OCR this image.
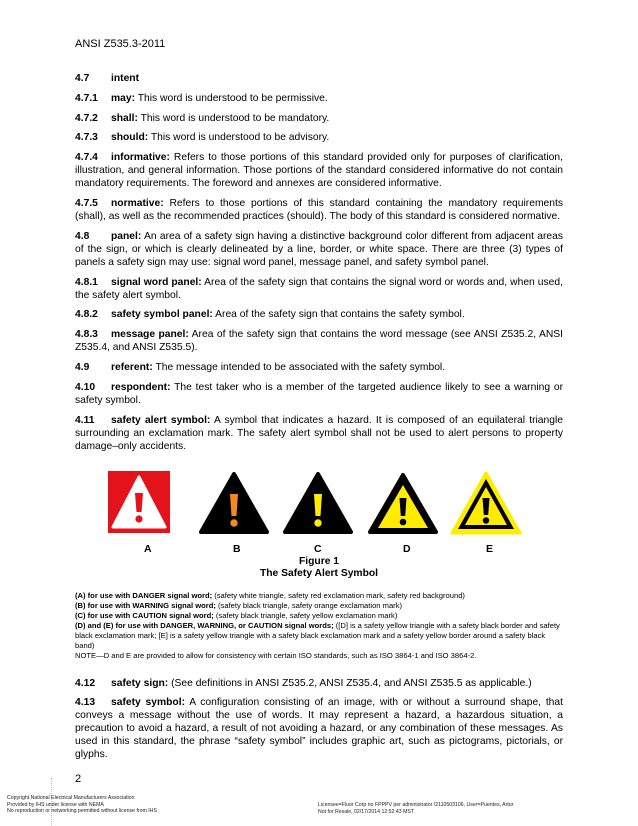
ANSI Z535.3-2011
4.7 intent
4.7.1 may: This word is understood to be permissive.
4.7.2 shall: This word is understood to be mandatory.
4.7.3 should: This word is understood to be advisory.
4.7.4 informative: Refers to those portions of this standard provided only for purposes of clarification, illustration, and general information. Those portions of the standard considered informative do not contain mandatory requirements. The foreword and annexes are considered informative.
4.7.5 normative: Refers to those portions of this standard containing the mandatory requirements (shall), as well as the recommended practices (should). The body of this standard is considered normative.
4.8 panel: An area of a safety sign having a distinctive background color different from adjacent areas of the sign, or which is clearly delineated by a line, border, or white space. There are three (3) types of panels a safety sign may use: signal word panel, message panel, and safety symbol panel.
4.8.1 signal word panel: Area of the safety sign that contains the signal word or words and, when used, the safety alert symbol.
4.8.2 safety symbol panel: Area of the safety sign that contains the safety symbol.
4.8.3 message panel: Area of the safety sign that contains the word message (see ANSI Z535.2, ANSI Z535.4, and ANSI Z535.5).
4.9 referent: The message intended to be associated with the safety symbol.
4.10 respondent: The test taker who is a member of the targeted audience likely to see a warning or safety symbol.
4.11 safety alert symbol: A symbol that indicates a hazard. It is composed of an equilateral triangle surrounding an exclamation mark. The safety alert symbol shall not be used to alert persons to property damage–only accidents.
A	B	C	D	E
Figure 1
The Safety Alert Symbol
(A) for use with DANGER signal word; (safety white triangle, safety red exclamation mark, safety red background)
(B) for use with WARNING signal word; (safety black triangle, safety orange exclamation mark)
(C) for use with CAUTION signal word; (safety black triangle, safety yellow exclamation mark)
(D) and (E) for use with DANGER, WARNING, or CAUTION signal words; ([D] is a safety yellow triangle with a safety black border and safety black exclamation mark; [E] is a safety yellow triangle with a safety black exclamation mark and a safety yellow border around a safety black band)
NOTE—D and E are provided to allow for consistency with certain ISO standards, such as ISO 3864-1 and ISO 3864-2.
4.12 safety sign: (See definitions in ANSI Z535.2, ANSI Z535.4, and ANSI Z535.5 as applicable.)
4.13 safety symbol: A configuration consisting of an image, with or without a surround shape, that conveys a message without the use of words. It may represent a hazard, a hazardous situation, a precaution to avoid a hazard, a result of not avoiding a hazard, or any combination of these messages. As used in this standard, the phrase “safety symbol” includes graphic art, such as pictograms, pictorials, or glyphs.
2
Copyright National Electrical Manufacturers Association
Provided by IHS under license with NEMA
No reproduction or networking permitted without license from IHS
Licensee=Fluor Corp no FPPPV per administrator /2110503106, User=Puentes, Artur
Not for Resale, 02/17/2014 12:52:43 MST
